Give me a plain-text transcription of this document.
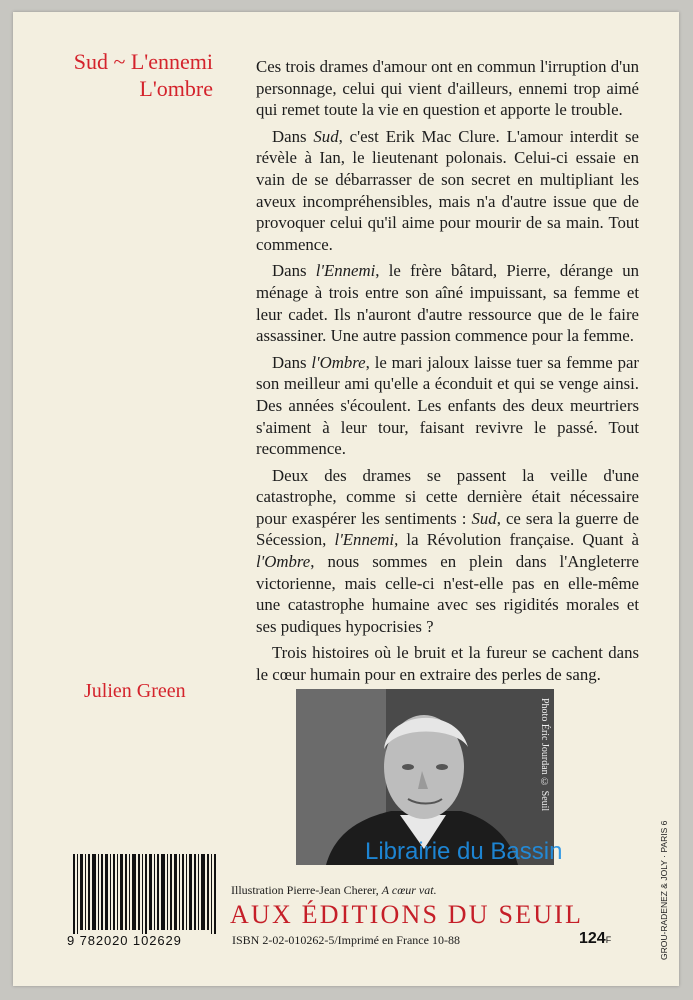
Sud ~ L'ennemi
L'ombre

Ces trois drames d'amour ont en commun l'irruption d'un personnage, celui qui vient d'ailleurs, ennemi trop aimé qui remet toute la vie en question et apporte le trouble.

Dans Sud, c'est Erik Mac Clure. L'amour interdit se révèle à Ian, le lieutenant polonais. Celui-ci essaie en vain de se débarrasser de son secret en multipliant les aveux incompréhensibles, mais n'a d'autre issue que de provoquer celui qu'il aime pour mourir de sa main. Tout commence.

Dans l'Ennemi, le frère bâtard, Pierre, dérange un ménage à trois entre son aîné impuissant, sa femme et leur cadet. Ils n'auront d'autre ressource que de le faire assassiner. Une autre passion commence pour la femme.

Dans l'Ombre, le mari jaloux laisse tuer sa femme par son meilleur ami qu'elle a éconduit et qui se venge ainsi. Des années s'écoulent. Les enfants des deux meurtriers s'aiment à leur tour, faisant revivre le passé. Tout recommence.

Deux des drames se passent la veille d'une catastrophe, comme si cette dernière était nécessaire pour exaspérer les sentiments : Sud, ce sera la guerre de Sécession, l'Ennemi, la Révolution française. Quant à l'Ombre, nous sommes en plein dans l'Angleterre victorienne, mais celle-ci n'est-elle pas en elle-même une catastrophe humaine avec ses rigidités morales et ses pudiques hypocrisies ?

Trois histoires où le bruit et la fureur se cachent dans le cœur humain pour en extraire des perles de sang.

Julien Green
Photo Éric Jourdan © Seuil
Librairie du Bassin
9 782020 102629
Illustration Pierre-Jean Cherer, A cœur vat.
AUX ÉDITIONS DU SEUIL
ISBN 2-02-010262-5/Imprimé en France 10-88	124F	GROU-RADENEZ & JOLY · PARIS 6
